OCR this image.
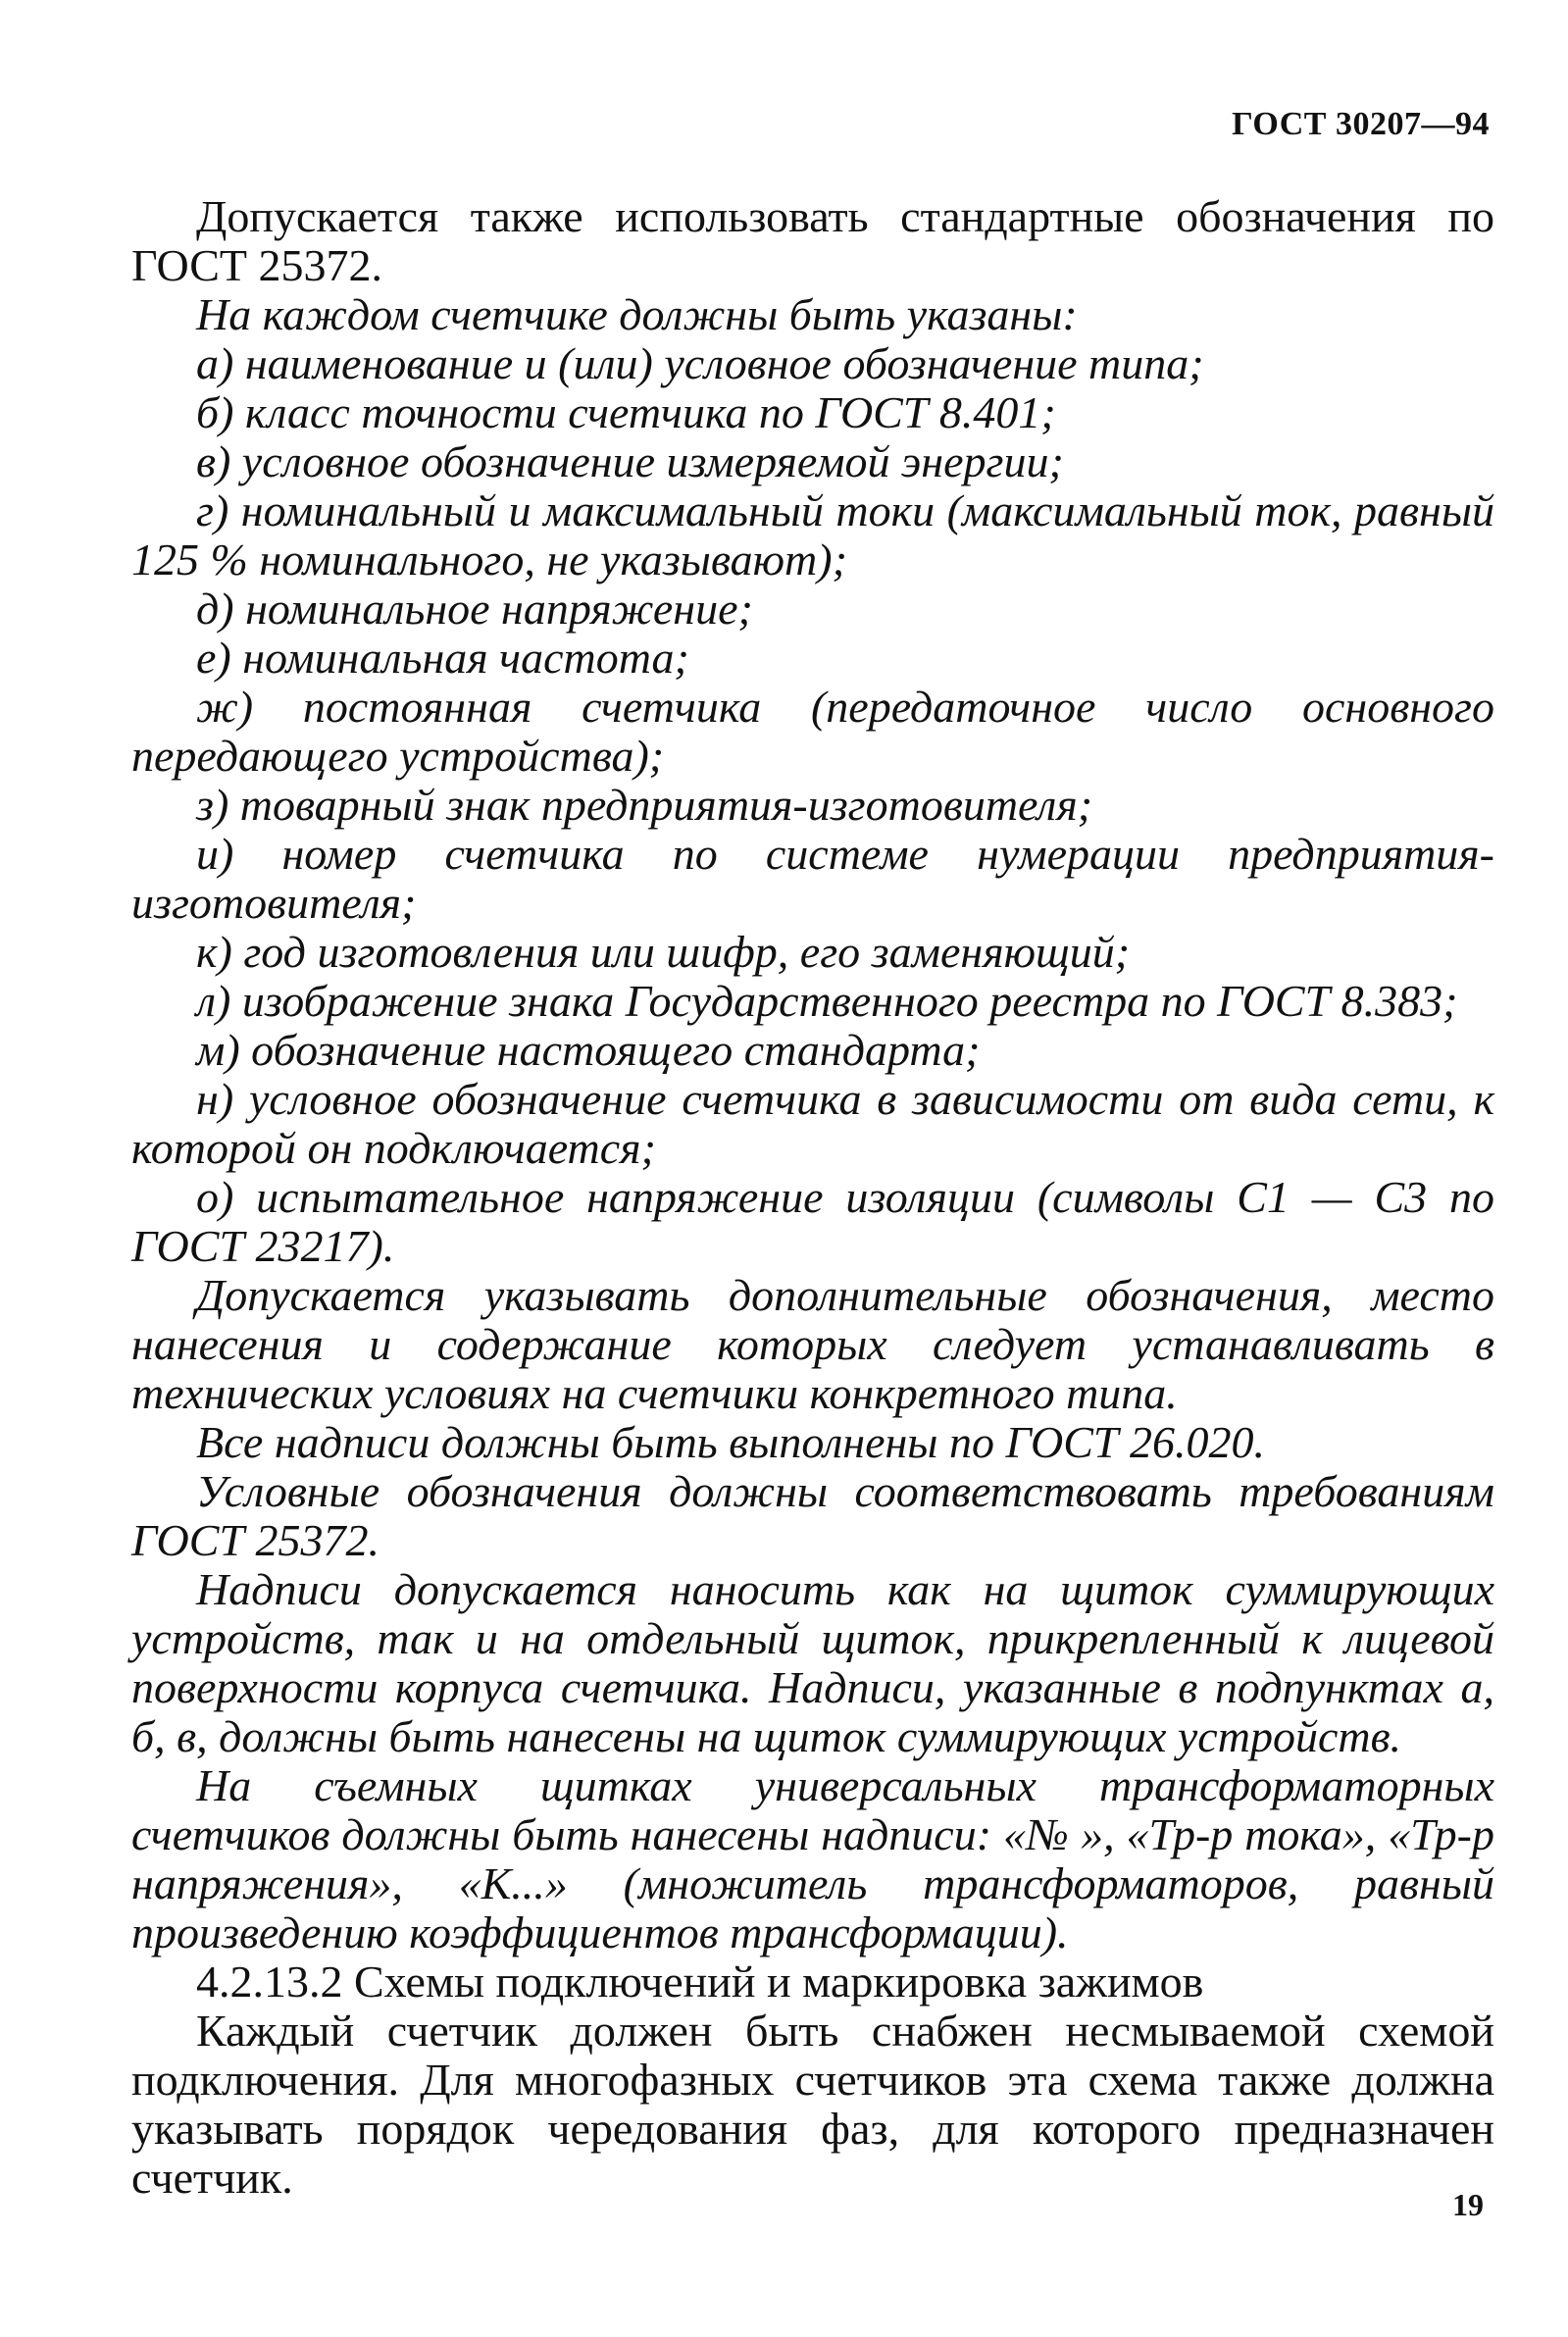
ГОСТ 30207—94

Допускается также использовать стандартные обозначения по ГОСТ 25372.

На каждом счетчике должны быть указаны:

а) наименование и (или) условное обозначение типа;

б) класс точности счетчика по ГОСТ 8.401;

в) условное обозначение измеряемой энергии;

г) номинальный и максимальный токи (максимальный ток, равный 125 % номинального, не указывают);

д) номинальное напряжение;

е) номинальная частота;

ж) постоянная счетчика (передаточное число основного передающего устройства);

з) товарный знак предприятия-изготовителя;

и) номер счетчика по системе нумерации предприятия-изготовителя;

к) год изготовления или шифр, его заменяющий;

л) изображение знака Государственного реестра по ГОСТ 8.383;

м) обозначение настоящего стандарта;

н) условное обозначение счетчика в зависимости от вида сети, к которой он подключается;

о) испытательное напряжение изоляции (символы С1 — С3 по ГОСТ 23217).

Допускается указывать дополнительные обозначения, место нанесения и содержание которых следует устанавливать в технических условиях на счетчики конкретного типа.

Все надписи должны быть выполнены по ГОСТ 26.020.

Условные обозначения должны соответствовать требованиям ГОСТ 25372.

Надписи допускается наносить как на щиток суммирующих устройств, так и на отдельный щиток, прикрепленный к лицевой поверхности корпуса счетчика. Надписи, указанные в подпунктах а, б, в, должны быть нанесены на щиток суммирующих устройств.

На съемных щитках универсальных трансформаторных счетчиков должны быть нанесены надписи: «№ », «Тр-р тока», «Тр-р напряжения», «К...» (множитель трансформаторов, равный произведению коэффициентов трансформации).

4.2.13.2 Схемы подключений и маркировка зажимов

Каждый счетчик должен быть снабжен несмываемой схемой подключения. Для многофазных счетчиков эта схема также должна указывать порядок чередования фаз, для которого предназначен счетчик.

19
